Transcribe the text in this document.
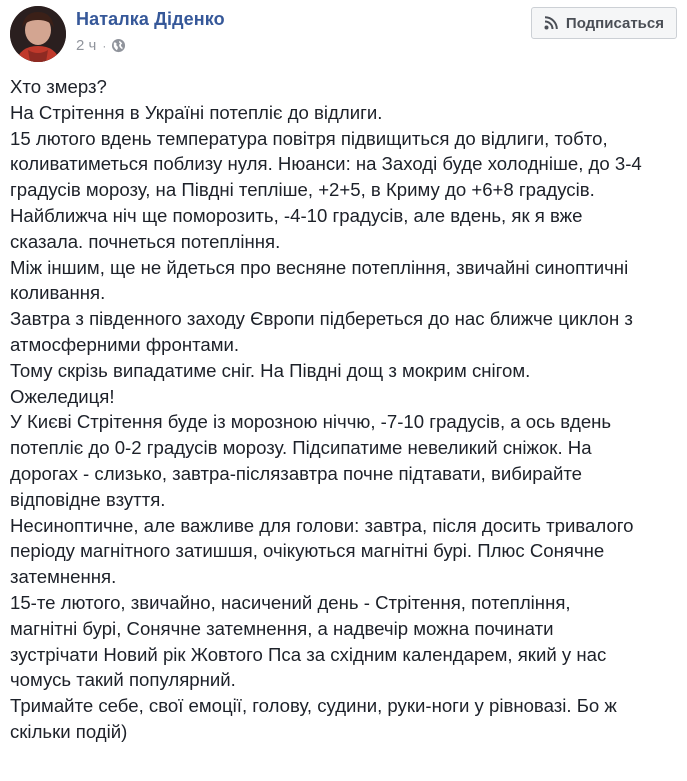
Наталка Діденко
2 ч ·
Подписаться
Хто змерз?
На Стрітення в Україні потепліє до відлиги.
15 лютого вдень температура повітря підвищиться до відлиги, тобто,
коливатиметься поблизу нуля. Нюанси: на Заході буде холодніше, до 3-4
градусів морозу, на Півдні тепліше, +2+5, в Криму до +6+8 градусів.
Найближча ніч ще поморозить, -4-10 градусів, але вдень, як я вже
сказала. почнеться потепління.
Між іншим, ще не йдеться про весняне потепління, звичайні синоптичні
коливання.
Завтра з південного заходу Європи підбереться до нас ближче циклон з
атмосферними фронтами.
Тому скрізь випадатиме сніг. На Півдні дощ з мокрим снігом.
Ожеледиця!
У Києві Стрітення буде із морозною ніччю, -7-10 градусів, а ось вдень
потепліє до 0-2 градусів морозу. Підсипатиме невеликий сніжок. На
дорогах - слизько, завтра-післязавтра почне підтавати, вибирайте
відповідне взуття.
Несиноптичне, але важливе для голови: завтра, після досить тривалого
періоду магнітного затишшя, очікуються магнітні бурі. Плюс Сонячне
затемнення.
15-те лютого, звичайно, насичений день - Стрітення, потепління,
магнітні бурі, Сонячне затемнення, а надвечір можна починати
зустрічати Новий рік Жовтого Пса за східним календарем, який у нас
чомусь такий популярний.
Тримайте себе, свої емоції, голову, судини, руки-ноги у рівновазі. Бо ж
скільки подій)
